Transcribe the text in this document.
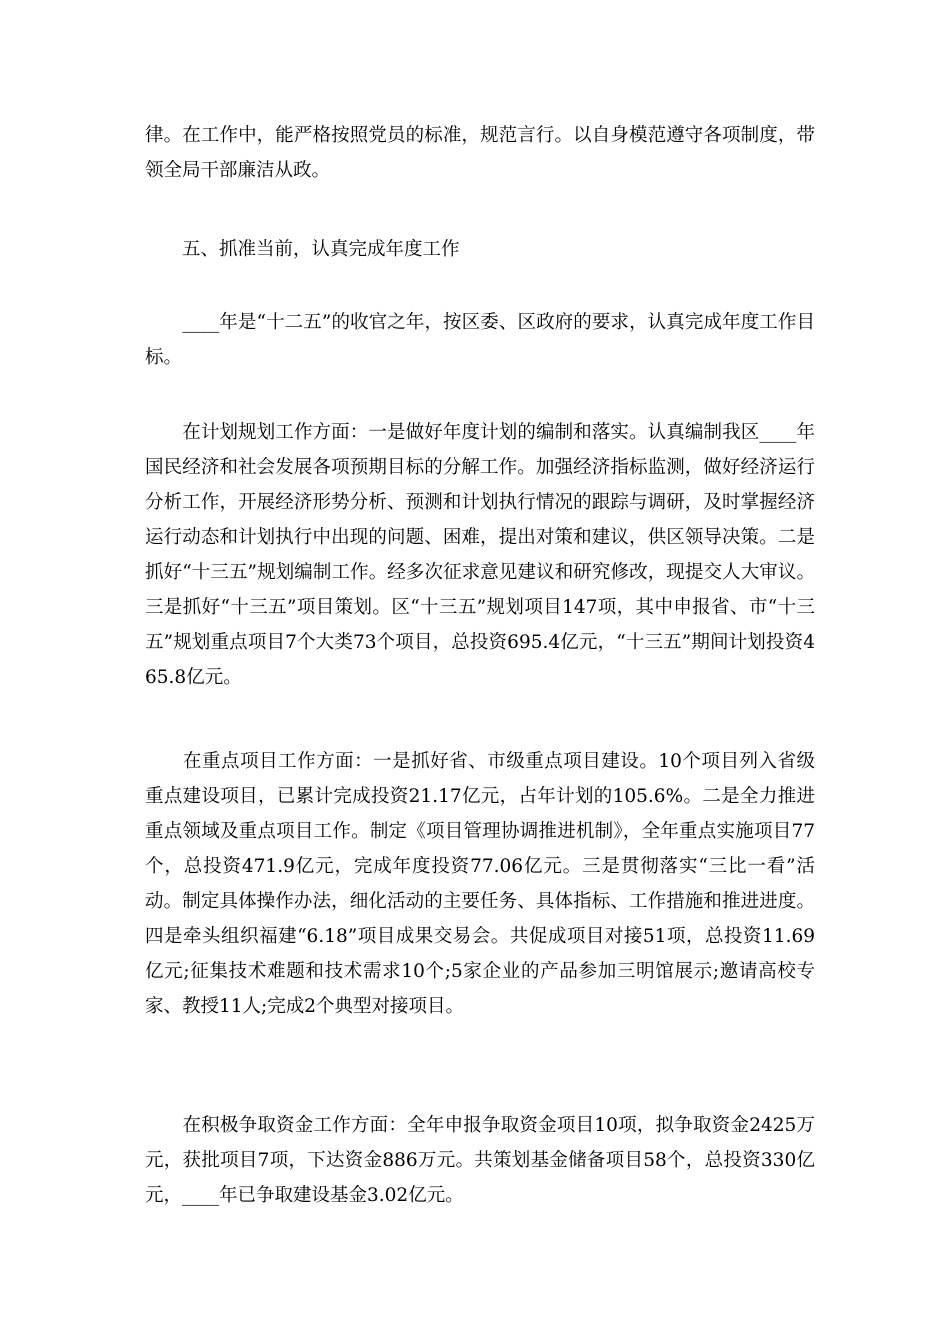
律。在工作中，能严格按照党员的标准，规范言行。以自身模范遵守各项制度，带领全局干部廉洁从政。

　　五、抓准当前，认真完成年度工作

　　____年是“十二五”的收官之年，按区委、区政府的要求，认真完成年度工作目标。

　　在计划规划工作方面：一是做好年度计划的编制和落实。认真编制我区____年国民经济和社会发展各项预期目标的分解工作。加强经济指标监测，做好经济运行分析工作，开展经济形势分析、预测和计划执行情况的跟踪与调研，及时掌握经济运行动态和计划执行中出现的问题、困难，提出对策和建议，供区领导决策。二是抓好“十三五”规划编制工作。经多次征求意见建议和研究修改，现提交人大审议。三是抓好“十三五”项目策划。区“十三五”规划项目147项，其中申报省、市“十三五”规划重点项目7个大类73个项目，总投资695.4亿元，“十三五”期间计划投资465.8亿元。

　　在重点项目工作方面：一是抓好省、市级重点项目建设。10个项目列入省级重点建设项目，已累计完成投资21.17亿元，占年计划的105.6%。二是全力推进重点领域及重点项目工作。制定《项目管理协调推进机制》，全年重点实施项目77个，总投资471.9亿元，完成年度投资77.06亿元。三是贯彻落实“三比一看”活动。制定具体操作办法，细化活动的主要任务、具体指标、工作措施和推进进度。四是牵头组织福建“6.18”项目成果交易会。共促成项目对接51项，总投资11.69亿元;征集技术难题和技术需求10个;5家企业的产品参加三明馆展示;邀请高校专家、教授11人;完成2个典型对接项目。

　　在积极争取资金工作方面：全年申报争取资金项目10项，拟争取资金2425万元，获批项目7项，下达资金886万元。共策划基金储备项目58个，总投资330亿元，____年已争取建设基金3.02亿元。
